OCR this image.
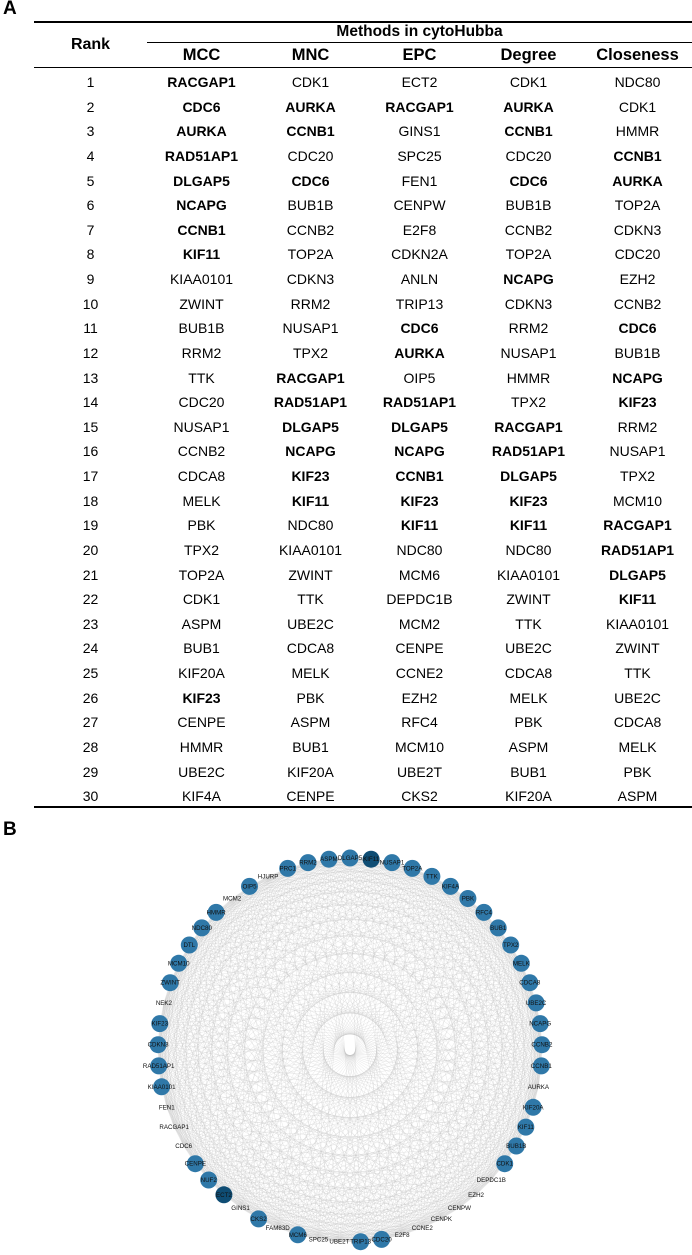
A
Rank	Methods in cytoHubba				
	MCC	MNC	EPC	Degree	Closeness
1	RACGAP1	CDK1	ECT2	CDK1	NDC80
2	CDC6	AURKA	RACGAP1	AURKA	CDK1
3	AURKA	CCNB1	GINS1	CCNB1	HMMR
4	RAD51AP1	CDC20	SPC25	CDC20	CCNB1
5	DLGAP5	CDC6	FEN1	CDC6	AURKA
6	NCAPG	BUB1B	CENPW	BUB1B	TOP2A
7	CCNB1	CCNB2	E2F8	CCNB2	CDKN3
8	KIF11	TOP2A	CDKN2A	TOP2A	CDC20
9	KIAA0101	CDKN3	ANLN	NCAPG	EZH2
10	ZWINT	RRM2	TRIP13	CDKN3	CCNB2
11	BUB1B	NUSAP1	CDC6	RRM2	CDC6
12	RRM2	TPX2	AURKA	NUSAP1	BUB1B
13	TTK	RACGAP1	OIP5	HMMR	NCAPG
14	CDC20	RAD51AP1	RAD51AP1	TPX2	KIF23
15	NUSAP1	DLGAP5	DLGAP5	RACGAP1	RRM2
16	CCNB2	NCAPG	NCAPG	RAD51AP1	NUSAP1
17	CDCA8	KIF23	CCNB1	DLGAP5	TPX2
18	MELK	KIF11	KIF23	KIF23	MCM10
19	PBK	NDC80	KIF11	KIF11	RACGAP1
20	TPX2	KIAA0101	NDC80	NDC80	RAD51AP1
21	TOP2A	ZWINT	MCM6	KIAA0101	DLGAP5
22	CDK1	TTK	DEPDC1B	ZWINT	KIF11
23	ASPM	UBE2C	MCM2	TTK	KIAA0101
24	BUB1	CDCA8	CENPE	UBE2C	ZWINT
25	KIF20A	MELK	CCNE2	CDCA8	TTK
26	KIF23	PBK	EZH2	MELK	UBE2C
27	CENPE	ASPM	RFC4	PBK	CDCA8
28	HMMR	BUB1	MCM10	ASPM	MELK
29	UBE2C	KIF20A	UBE2T	BUB1	PBK
30	KIF4A	CENPE	CKS2	KIF20A	ASPM
B
DLGAP5 KIF11 NUSAP1
TOP2A
TTK
KIF4A
PBK
RFC4
BUB1
TPX2
MELK
CDCA8
UBE2C
NCAPG
CCNB2
CCNB1
AURKA
KIF20A
KIF11
BUB1B
CDK1
DEPDC1B
EZH2
CENPW
CENPK
CCNE2
E2F8
CDC20
TRIP13
UBE2T
SPC25
MCM6
FAM83D
CKS2
GINS1
ECT2
NUF2
CENPE
CDC6
RACGAP1
FEN1
KIAA0101
RAD51AP1
CDKN3
KIF23
NEK2
ZWINT
MCM10
DTL
NDC80
HMMR
MCM2
OIP5
HJURP
PRC1
RRM2 ASPM
